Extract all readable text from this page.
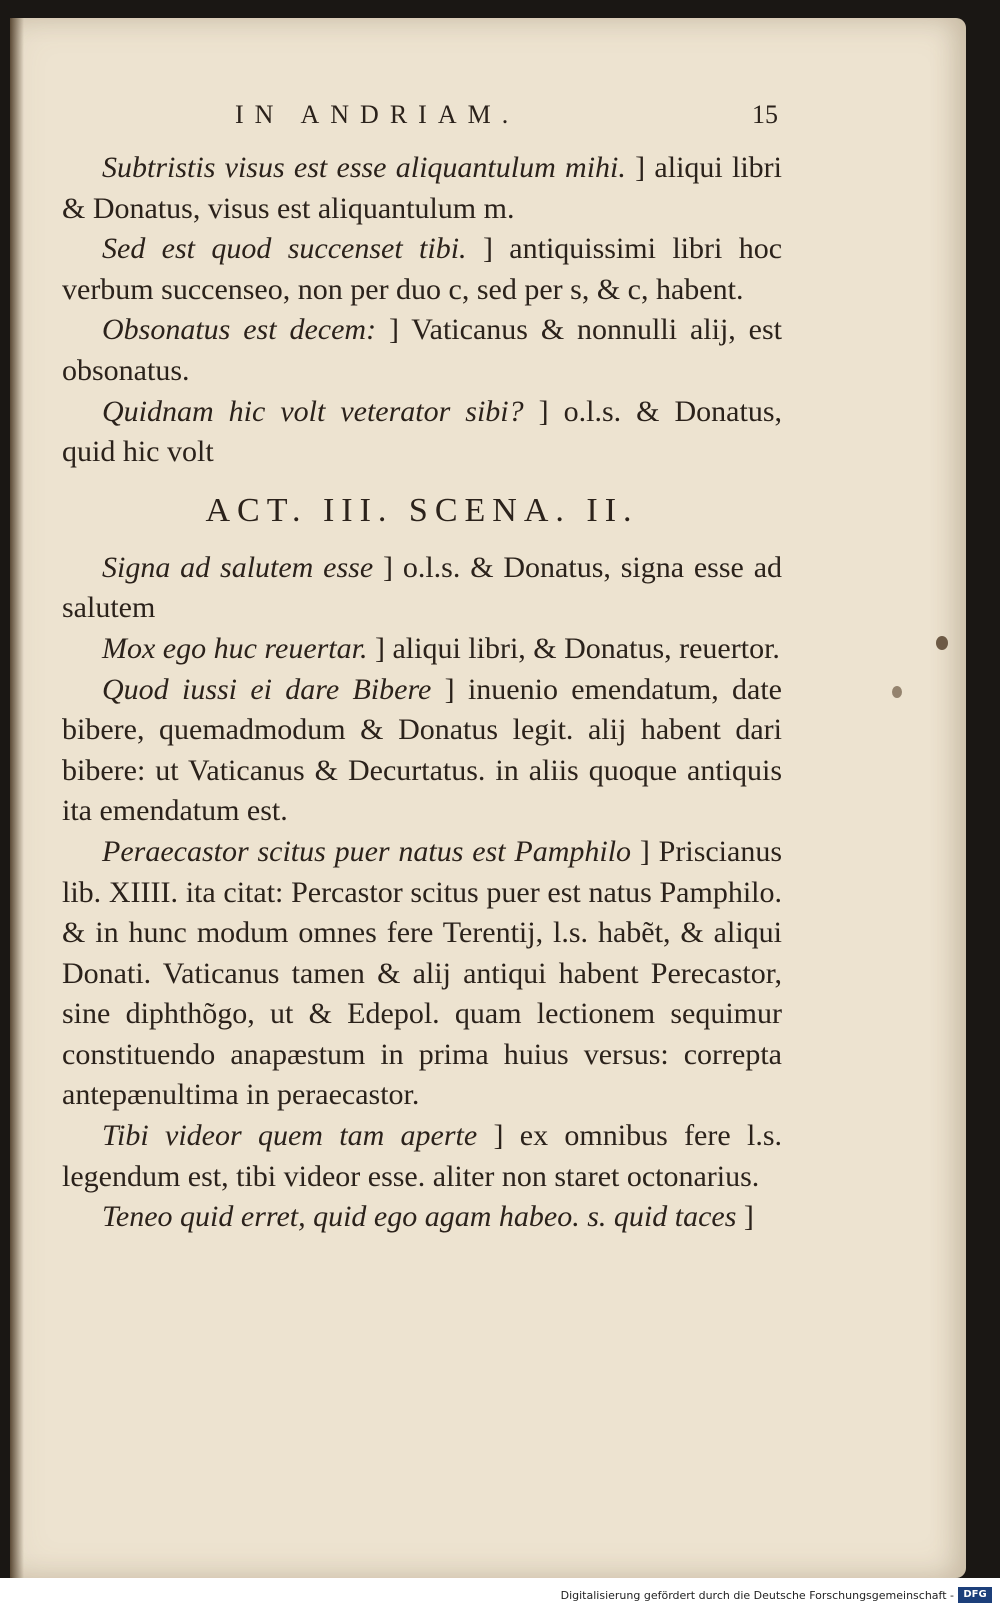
IN ANDRIAM.	15

Subtristis visus est esse aliquantulum mihi. ] aliqui libri & Donatus, visus est aliquantulum m.

Sed est quod succenset tibi. ] antiquissimi libri hoc verbum succenseo, non per duo c, sed per s, & c, habent.

Obsonatus est decem: ] Vaticanus & nonnulli alij, est obsonatus.

Quidnam hic volt veterator sibi? ] o.l.s. & Donatus, quid hic volt

ACT. III. SCENA. II.

Signa ad salutem esse ] o.l.s. & Donatus, signa esse ad salutem

Mox ego huc reuertar. ] aliqui libri, & Donatus, reuertor.

Quod iussi ei dare Bibere ] inuenio emendatum, date bibere, quemadmodum & Donatus legit. alij habent dari bibere: ut Vaticanus & Decurtatus. in aliis quoque antiquis ita emendatum est.

Peraecastor scitus puer natus est Pamphilo ] Priscianus lib. XIIII. ita citat: Percastor scitus puer est natus Pamphilo. & in hunc modum omnes fere Terentij, l.s. habẽt, & aliqui Donati. Vaticanus tamen & alij antiqui habent Perecastor, sine diphthõgo, ut & Edepol. quam lectionem sequimur constituendo anapæstum in prima huius versus: correpta antepænultima in peraecastor.

Tibi videor quem tam aperte ] ex omnibus fere l.s. legendum est, tibi videor esse. aliter non staret octonarius.

Teneo quid erret, quid ego agam habeo. s. quid taces ]

Digitalisierung gefördert durch die Deutsche Forschungsgemeinschaft - DFG
